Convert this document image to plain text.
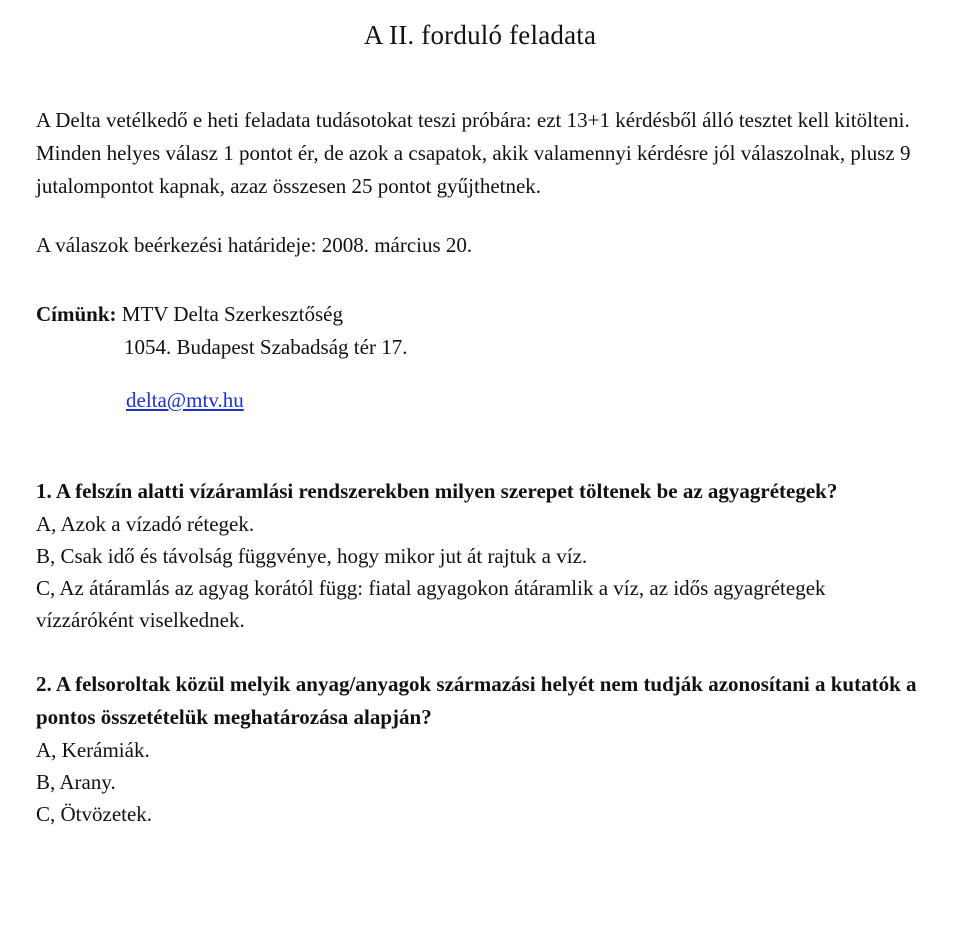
A II. forduló feladata

A Delta vetélkedő e heti feladata tudásotokat teszi próbára: ezt 13+1 kérdésből álló tesztet kell kitölteni.

Minden helyes válasz 1 pontot ér, de azok a csapatok, akik valamennyi kérdésre jól válaszolnak, plusz 9 jutalompontot kapnak, azaz összesen 25 pontot gyűjthetnek.

A válaszok beérkezési határideje: 2008. március 20.

Címünk: MTV Delta Szerkesztőség

1054. Budapest Szabadság tér 17.
delta@mtv.hu
1. A felszín alatti vízáramlási rendszerekben milyen szerepet töltenek be az agyagrétegek?
A, Azok a vízadó rétegek.
B, Csak idő és távolság függvénye, hogy mikor jut át rajtuk a víz.
C, Az átáramlás az agyag korától függ: fiatal agyagokon átáramlik a víz, az idős agyagrétegek vízzáróként viselkednek.
2. A felsoroltak közül melyik anyag/anyagok származási helyét nem tudják azonosítani a kutatók a pontos összetételük meghatározása alapján?
A, Kerámiák.
B, Arany.
C, Ötvözetek.
